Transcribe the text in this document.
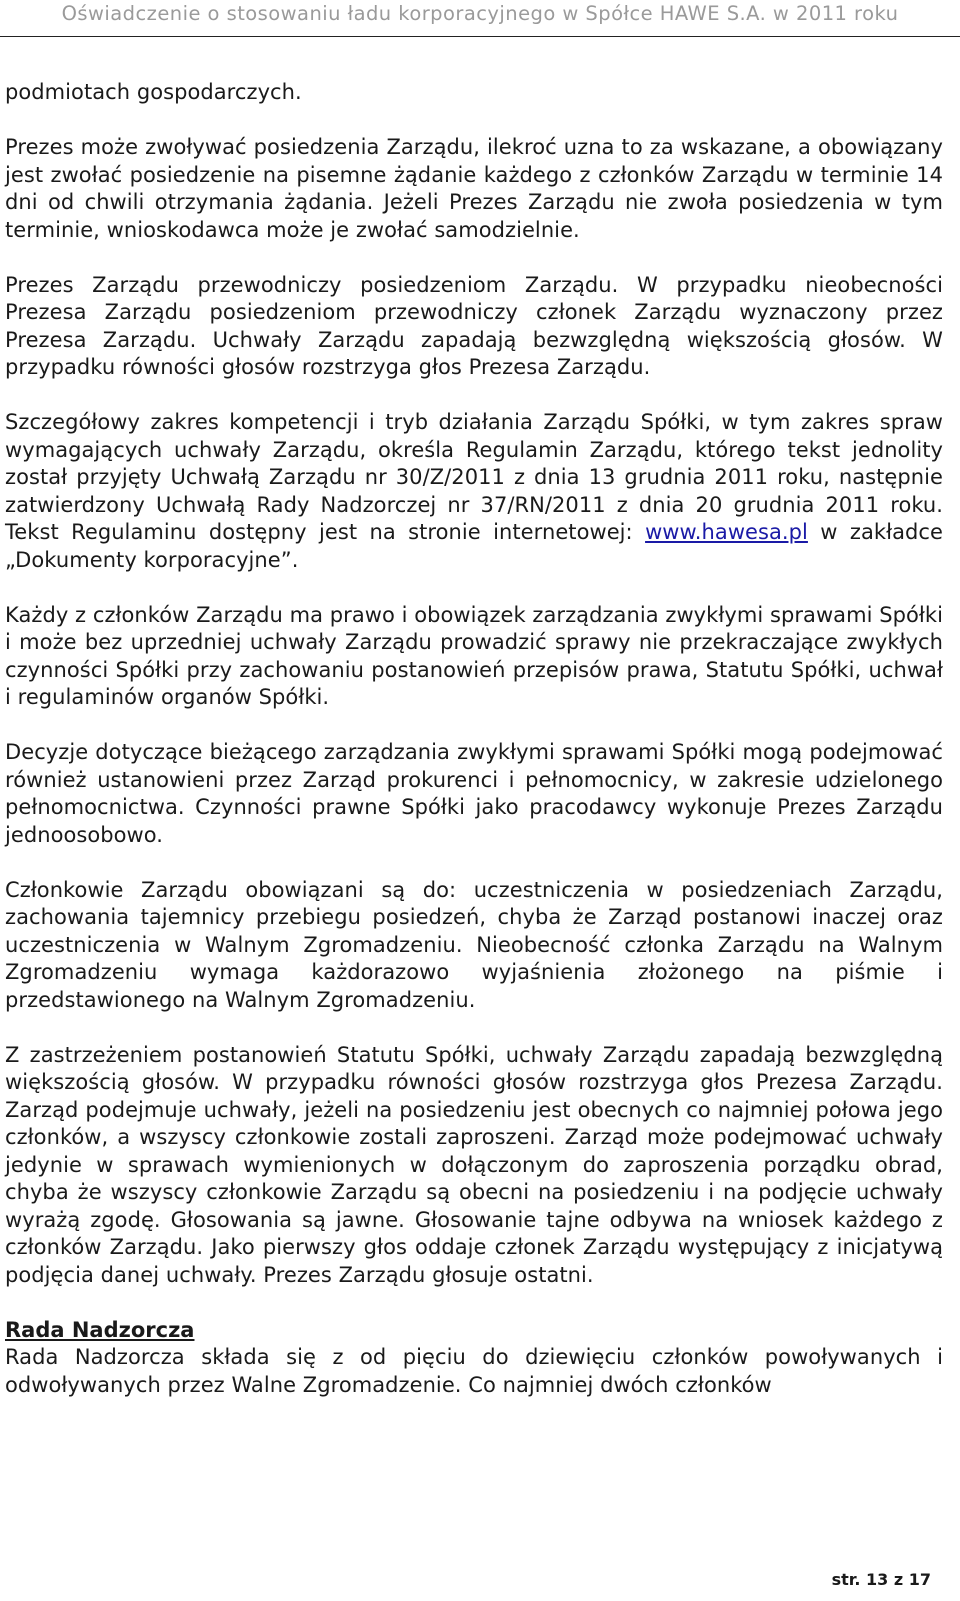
Oświadczenie o stosowaniu ładu korporacyjnego w Spółce HAWE S.A. w 2011 roku

podmiotach gospodarczych.

Prezes może zwoływać posiedzenia Zarządu, ilekroć uzna to za wskazane, a obowiązany jest zwołać posiedzenie na pisemne żądanie każdego z członków Zarządu w terminie 14 dni od chwili otrzymania żądania. Jeżeli Prezes Zarządu nie zwoła posiedzenia w tym terminie, wnioskodawca może je zwołać samodzielnie.

Prezes Zarządu przewodniczy posiedzeniom Zarządu. W przypadku nieobecności Prezesa Zarządu posiedzeniom przewodniczy członek Zarządu wyznaczony przez Prezesa Zarządu. Uchwały Zarządu zapadają bezwzględną większością głosów. W przypadku równości głosów rozstrzyga głos Prezesa Zarządu.

Szczegółowy zakres kompetencji i tryb działania Zarządu Spółki, w tym zakres spraw wymagających uchwały Zarządu, określa Regulamin Zarządu, którego tekst jednolity został przyjęty Uchwałą Zarządu nr 30/Z/2011 z dnia 13 grudnia 2011 roku, następnie zatwierdzony Uchwałą Rady Nadzorczej nr 37/RN/2011 z dnia 20 grudnia 2011 roku. Tekst Regulaminu dostępny jest na stronie internetowej: www.hawesa.pl w zakładce „Dokumenty korporacyjne”.

Każdy z członków Zarządu ma prawo i obowiązek zarządzania zwykłymi sprawami Spółki i może bez uprzedniej uchwały Zarządu prowadzić sprawy nie przekraczające zwykłych czynności Spółki przy zachowaniu postanowień przepisów prawa, Statutu Spółki, uchwał i regulaminów organów Spółki.

Decyzje dotyczące bieżącego zarządzania zwykłymi sprawami Spółki mogą podejmować również ustanowieni przez Zarząd prokurenci i pełnomocnicy, w zakresie udzielonego pełnomocnictwa. Czynności prawne Spółki jako pracodawcy wykonuje Prezes Zarządu jednoosobowo.

Członkowie Zarządu obowiązani są do: uczestniczenia w posiedzeniach Zarządu, zachowania tajemnicy przebiegu posiedzeń, chyba że Zarząd postanowi inaczej oraz uczestniczenia w Walnym Zgromadzeniu. Nieobecność członka Zarządu na Walnym Zgromadzeniu wymaga każdorazowo wyjaśnienia złożonego na piśmie i przedstawionego na Walnym Zgromadzeniu.

Z zastrzeżeniem postanowień Statutu Spółki, uchwały Zarządu zapadają bezwzględną większością głosów. W przypadku równości głosów rozstrzyga głos Prezesa Zarządu. Zarząd podejmuje uchwały, jeżeli na posiedzeniu jest obecnych co najmniej połowa jego członków, a wszyscy członkowie zostali zaproszeni. Zarząd może podejmować uchwały jedynie w sprawach wymienionych w dołączonym do zaproszenia porządku obrad, chyba że wszyscy członkowie Zarządu są obecni na posiedzeniu i na podjęcie uchwały wyrażą zgodę. Głosowania są jawne. Głosowanie tajne odbywa na wniosek każdego z członków Zarządu. Jako pierwszy głos oddaje członek Zarządu występujący z inicjatywą podjęcia danej uchwały. Prezes Zarządu głosuje ostatni.

Rada Nadzorcza

Rada Nadzorcza składa się z od pięciu do dziewięciu członków powoływanych i odwoływanych przez Walne Zgromadzenie. Co najmniej dwóch członków

str. 13 z 17
